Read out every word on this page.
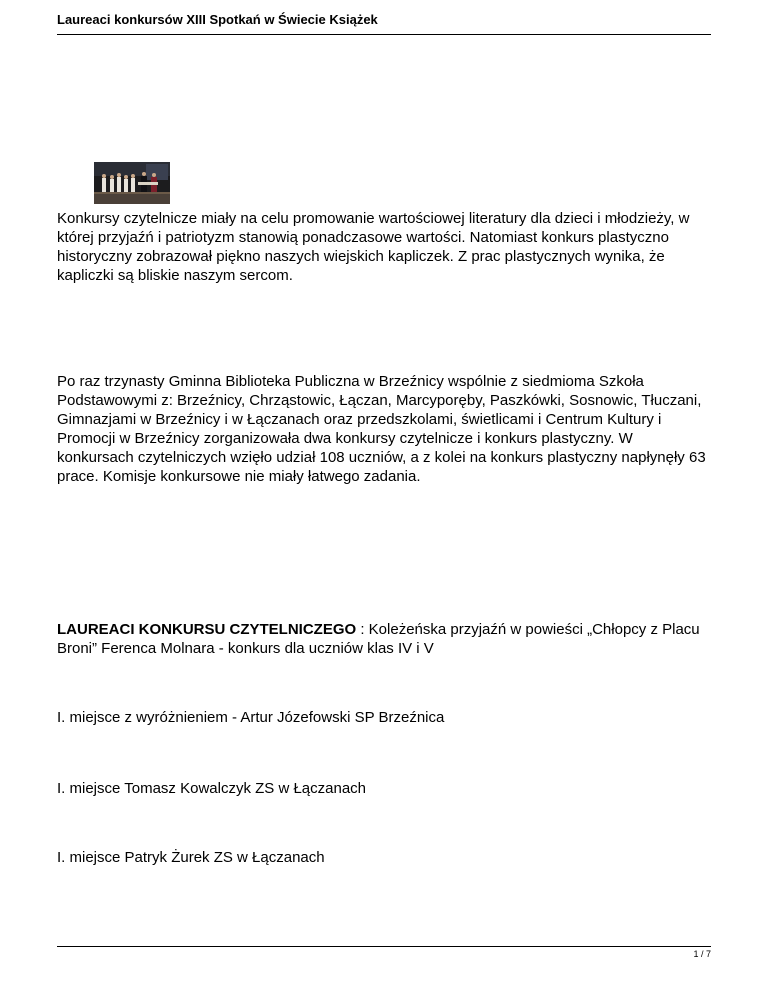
Laureaci konkursów XIII Spotkań w Świecie Książek

Konkursy czytelnicze miały na celu promowanie wartościowej literatury dla dzieci i młodzieży, w której przyjaźń i patriotyzm stanowią ponadczasowe wartości. Natomiast konkurs plastyczno historyczny zobrazował piękno naszych wiejskich kapliczek. Z prac plastycznych wynika, że kapliczki są bliskie naszym sercom.

Po raz trzynasty Gminna Biblioteka Publiczna w Brzeźnicy wspólnie z siedmioma Szkoła Podstawowymi z: Brzeźnicy, Chrząstowic, Łączan, Marcyporęby, Paszkówki, Sosnowic, Tłuczani, Gimnazjami w Brzeźnicy i w Łączanach oraz przedszkolami, świetlicami i Centrum Kultury i Promocji w Brzeźnicy zorganizowała dwa konkursy czytelnicze i konkurs plastyczny. W konkursach czytelniczych wzięło udział 108 uczniów, a z kolei na konkurs plastyczny napłynęły 63 prace. Komisje konkursowe nie miały łatwego zadania.

LAUREACI KONKURSU CZYTELNICZEGO : Koleżeńska przyjaźń w powieści „Chłopcy z Placu Broni” Ferenca Molnara - konkurs dla uczniów klas IV i V

I. miejsce z wyróżnieniem - Artur Józefowski SP Brzeźnica

I. miejsce Tomasz Kowalczyk ZS w Łączanach

I. miejsce Patryk Żurek ZS w Łączanach

1 / 7
